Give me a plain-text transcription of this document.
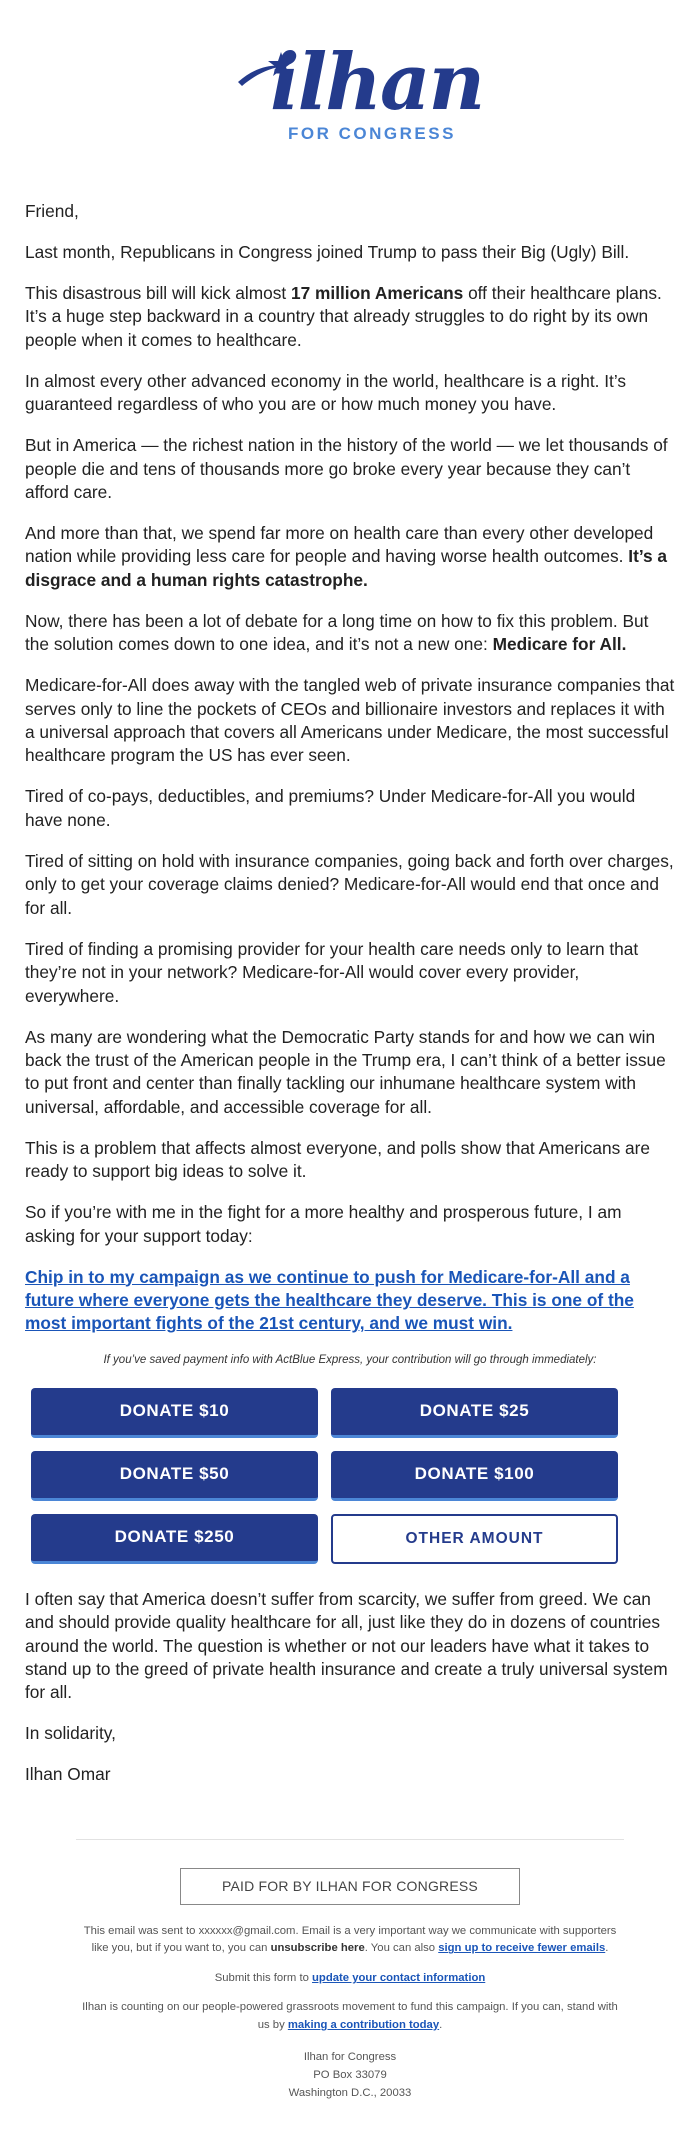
ilhan
FOR CONGRESS

Friend,

Last month, Republicans in Congress joined Trump to pass their Big (Ugly) Bill.

This disastrous bill will kick almost 17 million Americans off their healthcare plans. It’s a huge step backward in a country that already struggles to do right by its own people when it comes to healthcare.

In almost every other advanced economy in the world, healthcare is a right. It’s guaranteed regardless of who you are or how much money you have.

But in America — the richest nation in the history of the world — we let thousands of people die and tens of thousands more go broke every year because they can’t afford care.

And more than that, we spend far more on health care than every other developed nation while providing less care for people and having worse health outcomes. It’s a disgrace and a human rights catastrophe.

Now, there has been a lot of debate for a long time on how to fix this problem. But the solution comes down to one idea, and it’s not a new one: Medicare for All.

Medicare-for-All does away with the tangled web of private insurance companies that serves only to line the pockets of CEOs and billionaire investors and replaces it with a universal approach that covers all Americans under Medicare, the most successful healthcare program the US has ever seen.

Tired of co-pays, deductibles, and premiums? Under Medicare-for-All you would have none.

Tired of sitting on hold with insurance companies, going back and forth over charges, only to get your coverage claims denied? Medicare-for-All would end that once and for all.

Tired of finding a promising provider for your health care needs only to learn that they’re not in your network? Medicare-for-All would cover every provider, everywhere.

As many are wondering what the Democratic Party stands for and how we can win back the trust of the American people in the Trump era, I can’t think of a better issue to put front and center than finally tackling our inhumane healthcare system with universal, affordable, and accessible coverage for all.

This is a problem that affects almost everyone, and polls show that Americans are ready to support big ideas to solve it.

So if you’re with me in the fight for a more healthy and prosperous future, I am asking for your support today:

Chip in to my campaign as we continue to push for Medicare-for-All and a future where everyone gets the healthcare they deserve. This is one of the most important fights of the 21st century, and we must win.

If you’ve saved payment info with ActBlue Express, your contribution will go through immediately:

DONATE $10	DONATE $25
DONATE $50	DONATE $100
DONATE $250	OTHER AMOUNT

I often say that America doesn’t suffer from scarcity, we suffer from greed. We can and should provide quality healthcare for all, just like they do in dozens of countries around the world. The question is whether or not our leaders have what it takes to stand up to the greed of private health insurance and create a truly universal system for all.

In solidarity,

Ilhan Omar

PAID FOR BY ILHAN FOR CONGRESS

This email was sent to xxxxxx@gmail.com. Email is a very important way we communicate with supporters like you, but if you want to, you can unsubscribe here. You can also sign up to receive fewer emails.

Submit this form to update your contact information

Ilhan is counting on our people-powered grassroots movement to fund this campaign. If you can, stand with us by making a contribution today.

Ilhan for Congress
PO Box 33079
Washington D.C., 20033
